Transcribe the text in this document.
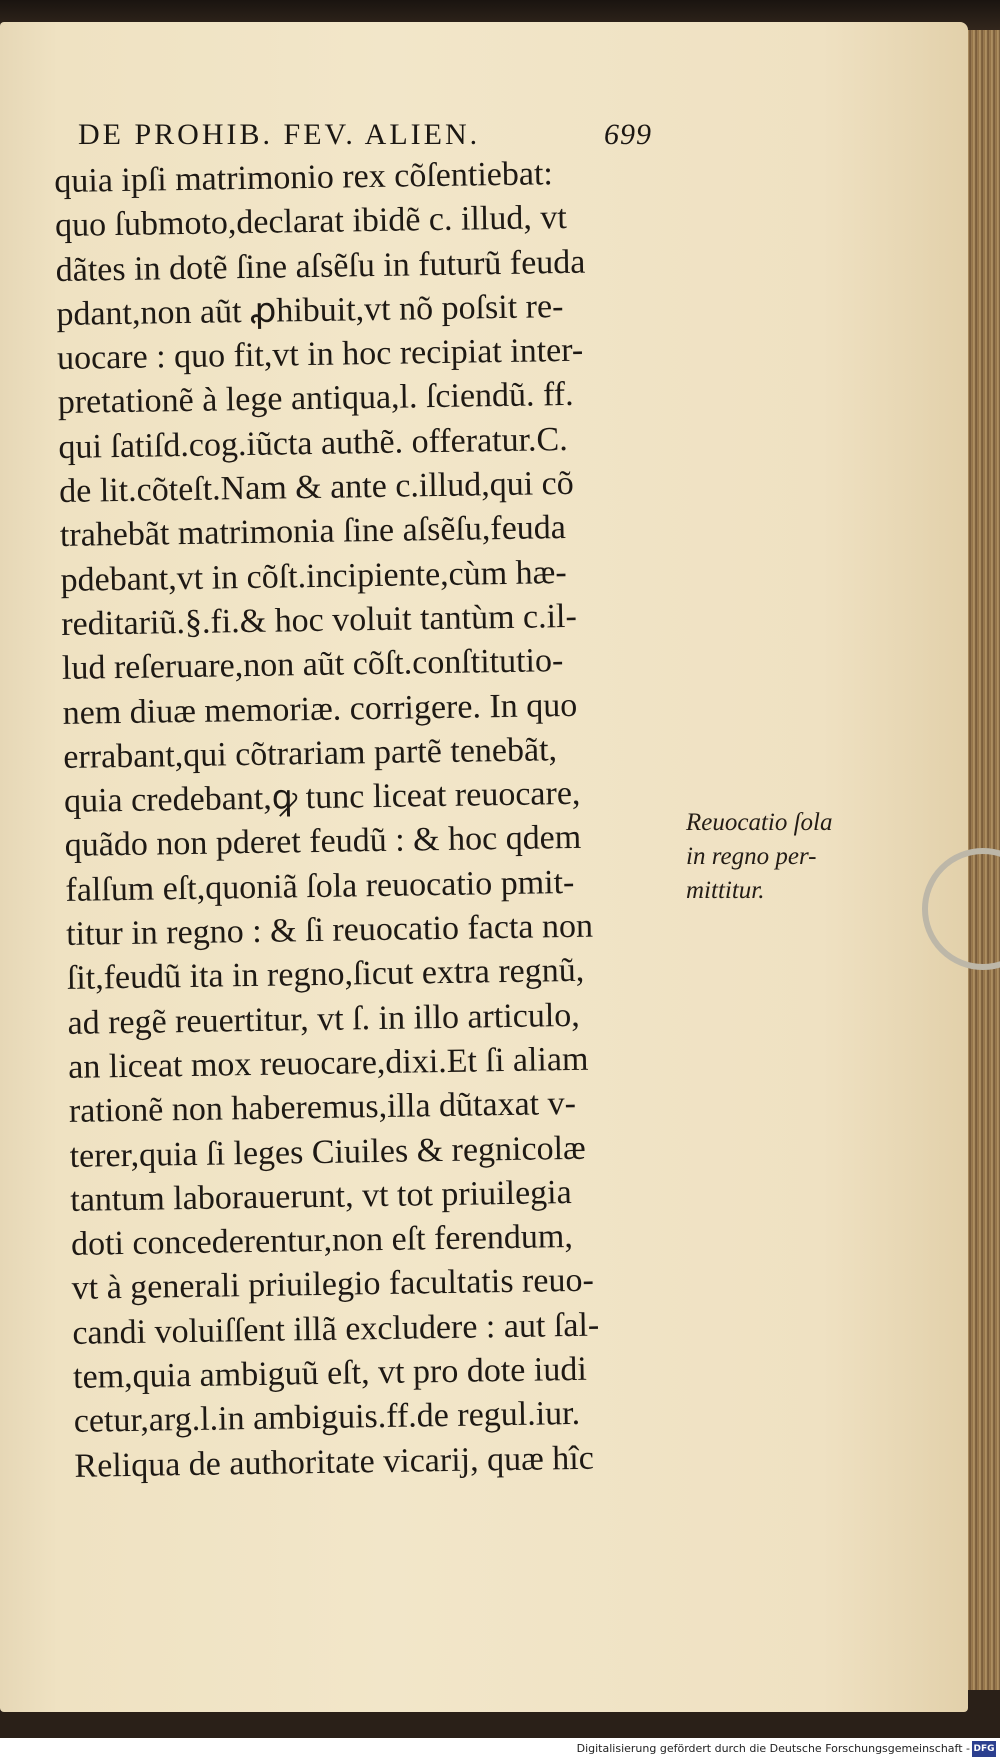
DE PROHIB. FEV. ALIEN.	699
quia ipſi matrimonio rex cõſentiebat:
quo ſubmoto,declarat ibidẽ c. illud, vt
dãtes in dotẽ ſine aſsẽſu in futurũ feuda
pdant,non aũt ꝓhibuit,vt nõ poſsit re-
uocare : quo fit,vt in hoc recipiat inter-
pretationẽ à lege antiqua,l. ſciendũ. ff.
qui ſatiſd.cog.iũcta authẽ. offeratur.C.
de lit.cõteſt.Nam & ante c.illud,qui cõ
trahebãt matrimonia ſine aſsẽſu,feuda
pdebant,vt in cõſt.incipiente,cùm hæ-
reditariũ.§.fi.& hoc voluit tantùm c.il-
lud reſeruare,non aũt cõſt.conſtitutio-
nem diuæ memoriæ. corrigere. In quo
errabant,qui cõtrariam partẽ tenebãt,
quia credebant,ꝙ tunc liceat reuocare,
quãdo non pderet feudũ : & hoc qdem
falſum eſt,quoniã ſola reuocatio pmit-
titur in regno : & ſi reuocatio facta non
ſit,feudũ ita in regno,ſicut extra regnũ,
ad regẽ reuertitur, vt ſ. in illo articulo,
an liceat mox reuocare,dixi.Et ſi aliam
rationẽ non haberemus,illa dũtaxat v-
terer,quia ſi leges Ciuiles & regnicolæ
tantum laborauerunt, vt tot priuilegia
doti concederentur,non eſt ferendum,
vt à generali priuilegio facultatis reuo-
candi voluiſſent illã excludere : aut ſal-
tem,quia ambiguũ eſt, vt pro dote iudi
cetur,arg.l.in ambiguis.ff.de regul.iur.
Reliqua de authoritate vicarij, quæ hîc
Reuocatio ſola
in regno per-
mittitur.
Digitalisierung gefördert durch die Deutsche Forschungsgemeinschaft - DFG
